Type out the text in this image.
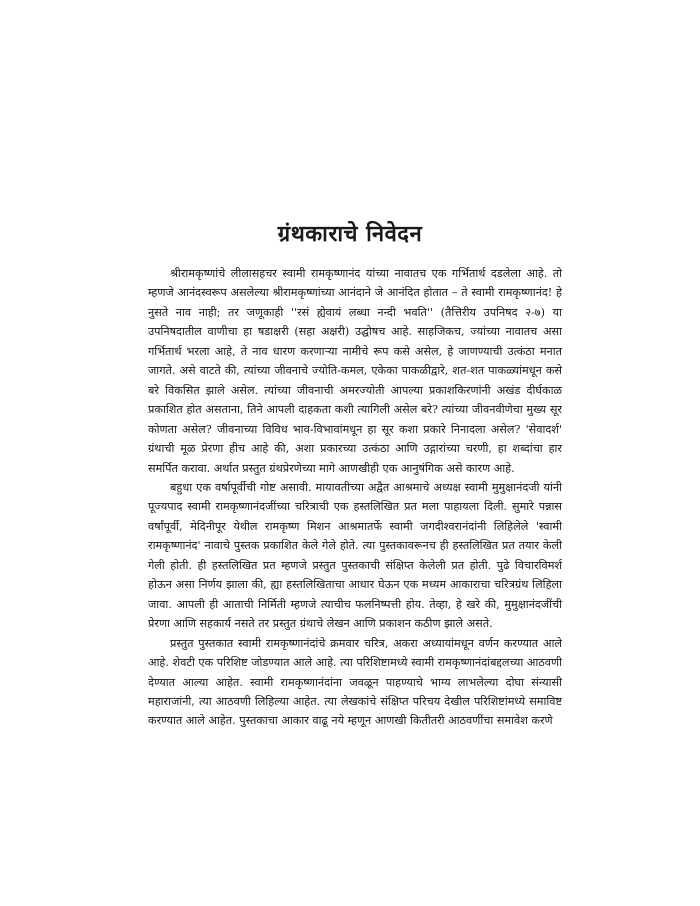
ग्रंथकाराचे निवेदन

श्रीरामकृष्णांचे लीलासहचर स्वामी रामकृष्णानंद यांच्या नावातच एक गर्भितार्थ दडलेला आहे. तो म्हणजे आनंदस्वरूप असलेल्या श्रीरामकृष्णांच्या आनंदाने जे आनंदित होतात – ते स्वामी रामकृष्णानंद! हे नुसते नाव नाही; तर जणूकाही ''रसं ह्येवायं लब्धा नन्दी भवति'' (तैत्तिरीय उपनिषद २-७) या उपनिषदातील वाणीचा हा षडाक्षरी (सहा अक्षरी) उद्घोषच आहे. साहजिकच, ज्यांच्या नावातच असा गर्भितार्थ भरला आहे, ते नाव धारण करणाऱ्या नामीचे रूप कसे असेल, हे जाणण्याची उत्कंठा मनात जागते. असे वाटते की, त्यांच्या जीवनाचे ज्योति-कमल, एकेका पाकळीद्वारे, शत-शत पाकळ्यांमधून कसे बरे विकसित झाले असेल. त्यांच्या जीवनाची अमरज्योती आपल्या प्रकाशकिरणांनी अखंड दीर्घकाळ प्रकाशित होत असताना, तिने आपली दाहकता कशी त्यागिली असेल बरे? त्यांच्या जीवनवीणेचा मुख्य सूर कोणता असेल? जीवनाच्या विविध भाव-विभावांमधून हा सूर कशा प्रकारे निनादला असेल? 'सेवादर्श' ग्रंथाची मूळ प्रेरणा हीच आहे की, अशा प्रकारच्या उत्कंठा आणि उद्गारांच्या चरणी, हा शब्दांचा हार समर्पित करावा. अर्थात प्रस्तुत ग्रंथप्रेरणेच्या मागे आणखीही एक आनुषंगिक असे कारण आहे.

बहुधा एक वर्षापूर्वीची गोष्ट असावी. मायावतीच्या अद्वैत आश्रमाचे अध्यक्ष स्वामी मुमुक्षानंदजी यांनी पूज्यपाद स्वामी रामकृष्णानंदजींच्या चरित्राची एक हस्तलिखित प्रत मला पाहायला दिली. सुमारे पन्नास वर्षांपूर्वी, मेदिनीपूर येथील रामकृष्ण मिशन आश्रमातर्फे स्वामी जगदीश्वरानंदांनी लिहिलेले 'स्वामी रामकृष्णानंद' नावाचे पुस्तक प्रकाशित केले गेले होते. त्या पुस्तकावरूनच ही हस्तलिखित प्रत तयार केली गेली होती. ही हस्तलिखित प्रत म्हणजे प्रस्तुत पुस्तकाची संक्षिप्त केलेली प्रत होती. पुढे विचारविमर्श होऊन असा निर्णय झाला की, ह्या हस्तलिखिताचा आधार घेऊन एक मध्यम आकाराचा चरित्रग्रंथ लिहिला जावा. आपली ही आताची निर्मिती म्हणजे त्याचीच फलनिष्पत्ती होय. तेव्हा, हे खरे की, मुमुक्षानंदजींची प्रेरणा आणि सहकार्य नसते तर प्रस्तुत ग्रंथाचे लेखन आणि प्रकाशन कठीण झाले असते.

प्रस्तुत पुस्तकात स्वामी रामकृष्णानंदांचे क्रमवार चरित्र, अकरा अध्यायांमधून वर्णन करण्यात आले आहे. शेवटी एक परिशिष्ट जोडण्यात आले आहे. त्या परिशिष्टामध्ये स्वामी रामकृष्णानंदांबद्दलच्या आठवणी देण्यात आल्या आहेत. स्वामी रामकृष्णानंदांना जवळून पाहण्याचे भाग्य लाभलेल्या दोघा संन्यासी महाराजांनी, त्या आठवणी लिहिल्या आहेत. त्या लेखकांचे संक्षिप्त परिचय देखील परिशिष्टांमध्ये समाविष्ट करण्यात आले आहेत. पुस्तकाचा आकार वाढू नये म्हणून आणखी कितीतरी आठवणींचा समावेश करणे
